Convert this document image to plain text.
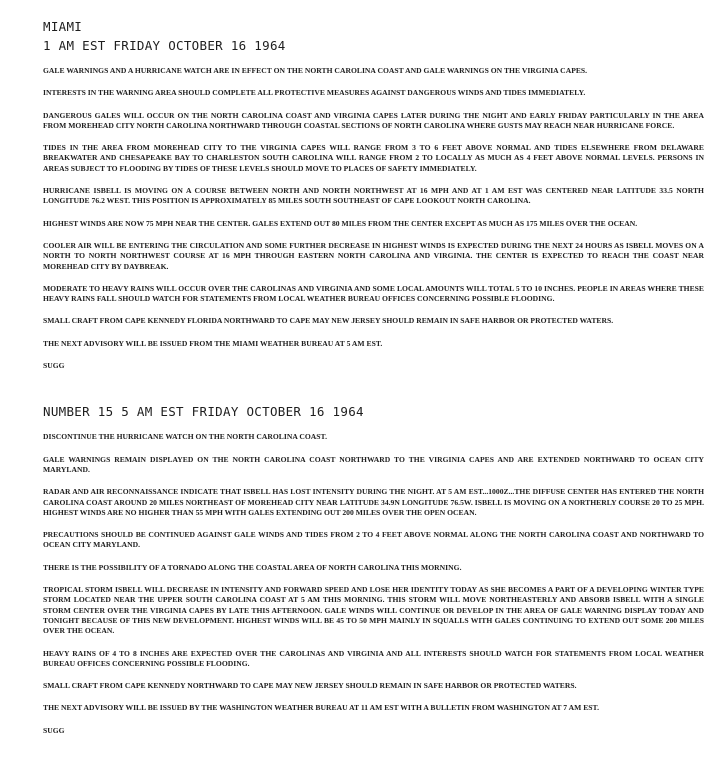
MIAMI

1 AM EST FRIDAY OCTOBER 16 1964

GALE WARNINGS AND A HURRICANE WATCH ARE IN EFFECT ON THE NORTH CAROLINA COAST AND GALE WARNINGS ON THE VIRGINIA CAPES.

INTERESTS IN THE WARNING AREA SHOULD COMPLETE ALL PROTECTIVE MEASURES AGAINST DANGEROUS WINDS AND TIDES IMMEDIATELY.

DANGEROUS GALES WILL OCCUR ON THE NORTH CAROLINA COAST AND VIRGINIA CAPES LATER DURING THE NIGHT AND EARLY FRIDAY PARTICULARLY IN THE AREA FROM MOREHEAD CITY NORTH CAROLINA NORTHWARD THROUGH COASTAL SECTIONS OF NORTH CAROLINA WHERE GUSTS MAY REACH NEAR HURRICANE FORCE.

TIDES IN THE AREA FROM MOREHEAD CITY TO THE VIRGINIA CAPES WILL RANGE FROM 3 TO 6 FEET ABOVE NORMAL AND TIDES ELSEWHERE FROM DELAWARE BREAKWATER AND CHESAPEAKE BAY TO CHARLESTON SOUTH CAROLINA WILL RANGE FROM 2 TO LOCALLY AS MUCH AS 4 FEET ABOVE NORMAL LEVELS. PERSONS IN AREAS SUBJECT TO FLOODING BY TIDES OF THESE LEVELS SHOULD MOVE TO PLACES OF SAFETY IMMEDIATELY.

HURRICANE ISBELL IS MOVING ON A COURSE BETWEEN NORTH AND NORTH NORTHWEST AT 16 MPH AND AT 1 AM EST WAS CENTERED NEAR LATITUDE 33.5 NORTH LONGITUDE 76.2 WEST. THIS POSITION IS APPROXIMATELY 85 MILES SOUTH SOUTHEAST OF CAPE LOOKOUT NORTH CAROLINA.

HIGHEST WINDS ARE NOW 75 MPH NEAR THE CENTER. GALES EXTEND OUT 80 MILES FROM THE CENTER EXCEPT AS MUCH AS 175 MILES OVER THE OCEAN.

COOLER AIR WILL BE ENTERING THE CIRCULATION AND SOME FURTHER DECREASE IN HIGHEST WINDS IS EXPECTED DURING THE NEXT 24 HOURS AS ISBELL MOVES ON A NORTH TO NORTH NORTHWEST COURSE AT 16 MPH THROUGH EASTERN NORTH CAROLINA AND VIRGINIA. THE CENTER IS EXPECTED TO REACH THE COAST NEAR MOREHEAD CITY BY DAYBREAK.

MODERATE TO HEAVY RAINS WILL OCCUR OVER THE CAROLINAS AND VIRGINIA AND SOME LOCAL AMOUNTS WILL TOTAL 5 TO 10 INCHES. PEOPLE IN AREAS WHERE THESE HEAVY RAINS FALL SHOULD WATCH FOR STATEMENTS FROM LOCAL WEATHER BUREAU OFFICES CONCERNING POSSIBLE FLOODING.

SMALL CRAFT FROM CAPE KENNEDY FLORIDA NORTHWARD TO CAPE MAY NEW JERSEY SHOULD REMAIN IN SAFE HARBOR OR PROTECTED WATERS.

THE NEXT ADVISORY WILL BE ISSUED FROM THE MIAMI WEATHER BUREAU AT 5 AM EST.

SUGG

NUMBER 15 5 AM EST FRIDAY OCTOBER 16 1964

DISCONTINUE THE HURRICANE WATCH ON THE NORTH CAROLINA COAST.

GALE WARNINGS REMAIN DISPLAYED ON THE NORTH CAROLINA COAST NORTHWARD TO THE VIRGINIA CAPES AND ARE EXTENDED NORTHWARD TO OCEAN CITY MARYLAND.

RADAR AND AIR RECONNAISSANCE INDICATE THAT ISBELL HAS LOST INTENSITY DURING THE NIGHT. AT 5 AM EST...1000Z...THE DIFFUSE CENTER HAS ENTERED THE NORTH CAROLINA COAST AROUND 20 MILES NORTHEAST OF MOREHEAD CITY NEAR LATITUDE 34.9N LONGITUDE 76.5W. ISBELL IS MOVING ON A NORTHERLY COURSE 20 TO 25 MPH. HIGHEST WINDS ARE NO HIGHER THAN 55 MPH WITH GALES EXTENDING OUT 200 MILES OVER THE OPEN OCEAN.

PRECAUTIONS SHOULD BE CONTINUED AGAINST GALE WINDS AND TIDES FROM 2 TO 4 FEET ABOVE NORMAL ALONG THE NORTH CAROLINA COAST AND NORTHWARD TO OCEAN CITY MARYLAND.

THERE IS THE POSSIBILITY OF A TORNADO ALONG THE COASTAL AREA OF NORTH CAROLINA THIS MORNING.

TROPICAL STORM ISBELL WILL DECREASE IN INTENSITY AND FORWARD SPEED AND LOSE HER IDENTITY TODAY AS SHE BECOMES A PART OF A DEVELOPING WINTER TYPE STORM LOCATED NEAR THE UPPER SOUTH CAROLINA COAST AT 5 AM THIS MORNING. THIS STORM WILL MOVE NORTHEASTERLY AND ABSORB ISBELL WITH A SINGLE STORM CENTER OVER THE VIRGINIA CAPES BY LATE THIS AFTERNOON. GALE WINDS WILL CONTINUE OR DEVELOP IN THE AREA OF GALE WARNING DISPLAY TODAY AND TONIGHT BECAUSE OF THIS NEW DEVELOPMENT. HIGHEST WINDS WILL BE 45 TO 50 MPH MAINLY IN SQUALLS WITH GALES CONTINUING TO EXTEND OUT SOME 200 MILES OVER THE OCEAN.

HEAVY RAINS OF 4 TO 8 INCHES ARE EXPECTED OVER THE CAROLINAS AND VIRGINIA AND ALL INTERESTS SHOULD WATCH FOR STATEMENTS FROM LOCAL WEATHER BUREAU OFFICES CONCERNING POSSIBLE FLOODING.

SMALL CRAFT FROM CAPE KENNEDY NORTHWARD TO CAPE MAY NEW JERSEY SHOULD REMAIN IN SAFE HARBOR OR PROTECTED WATERS.

THE NEXT ADVISORY WILL BE ISSUED BY THE WASHINGTON WEATHER BUREAU AT 11 AM EST WITH A BULLETIN FROM WASHINGTON AT 7 AM EST.

SUGG
